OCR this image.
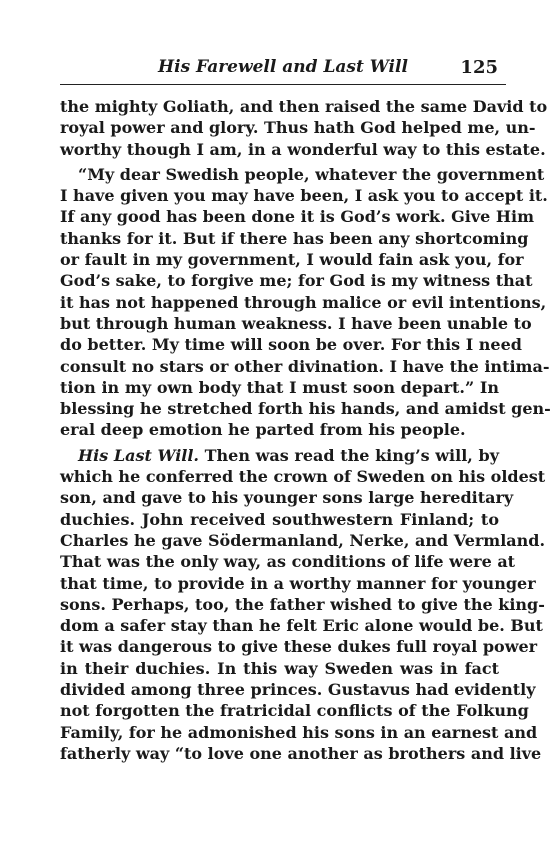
His Farewell and Last Will	125

the mighty Goliath, and then raised the same David to
royal power and glory. Thus hath God helped me, un-
worthy though I am, in a wonderful way to this estate.

“My dear Swedish people, whatever the government
I have given you may have been, I ask you to accept it.
If any good has been done it is God’s work. Give Him
thanks for it. But if there has been any shortcoming
or fault in my government, I would fain ask you, for
God’s sake, to forgive me; for God is my witness that
it has not happened through malice or evil intentions,
but through human weakness. I have been unable to
do better. My time will soon be over. For this I need
consult no stars or other divination. I have the intima-
tion in my own body that I must soon depart.” In
blessing he stretched forth his hands, and amidst gen-
eral deep emotion he parted from his people.

His Last Will. Then was read the king’s will, by
which he conferred the crown of Sweden on his oldest
son, and gave to his younger sons large hereditary
duchies. John received southwestern Finland; to
Charles he gave Södermanland, Nerke, and Vermland.
That was the only way, as conditions of life were at
that time, to provide in a worthy manner for younger
sons. Perhaps, too, the father wished to give the king-
dom a safer stay than he felt Eric alone would be. But
it was dangerous to give these dukes full royal power
in their duchies. In this way Sweden was in fact
divided among three princes. Gustavus had evidently
not forgotten the fratricidal conflicts of the Folkung
Family, for he admonished his sons in an earnest and
fatherly way “to love one another as brothers and live
